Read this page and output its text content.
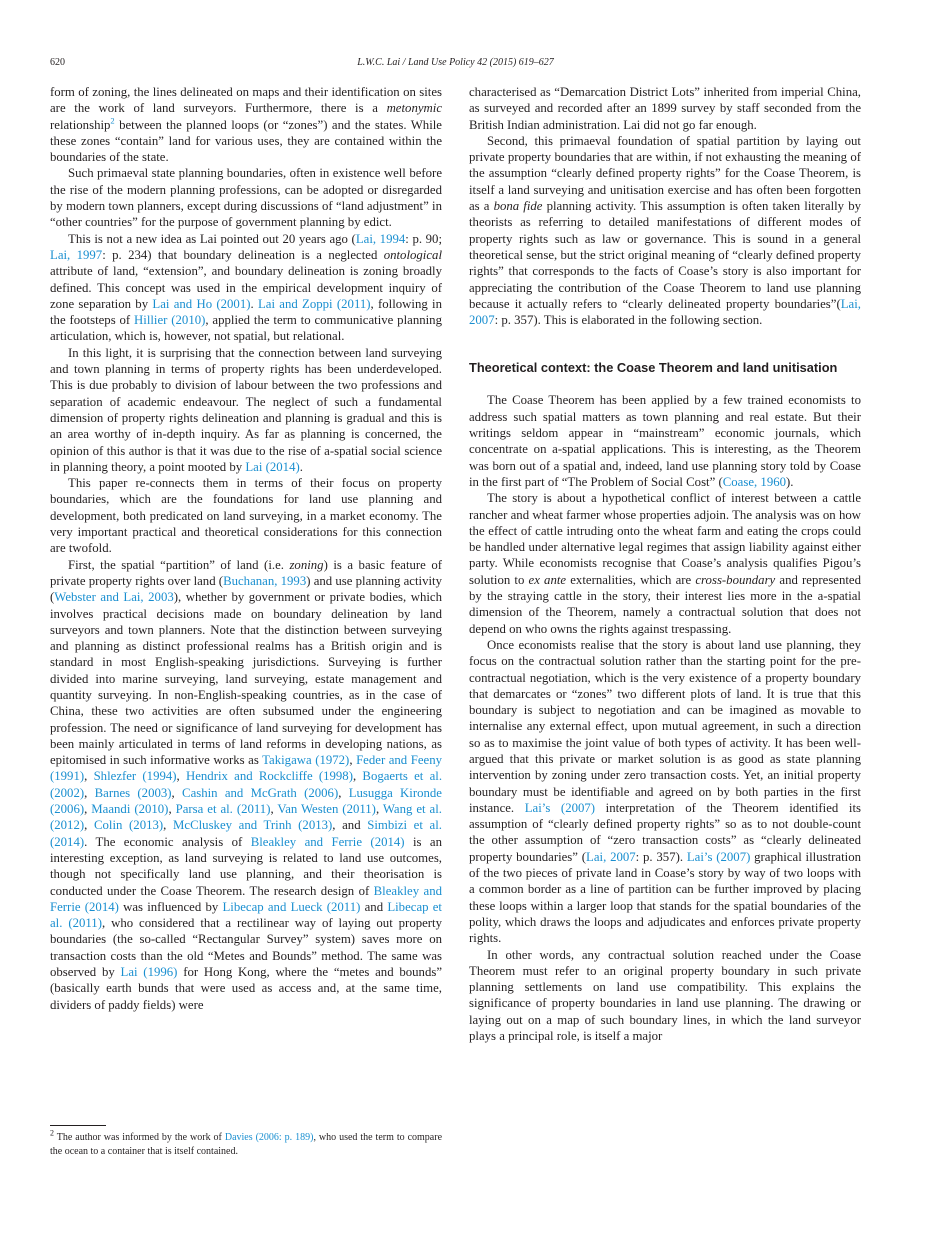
620	L.W.C. Lai / Land Use Policy 42 (2015) 619–627

form of zoning, the lines delineated on maps and their identification on sites are the work of land surveyors. Furthermore, there is a metonymic relationship$^2$ between the planned loops (or “zones”) and the states. While these zones “contain” land for various uses, they are contained within the boundaries of the state.

Such primaeval state planning boundaries, often in existence well before the rise of the modern planning professions, can be adopted or disregarded by modern town planners, except during discussions of “land adjustment” in “other countries” for the purpose of government planning by edict.

This is not a new idea as Lai pointed out 20 years ago (Lai, 1994: p. 90; Lai, 1997: p. 234) that boundary delineation is a neglected ontological attribute of land, “extension”, and boundary delineation is zoning broadly defined. This concept was used in the empirical development inquiry of zone separation by Lai and Ho (2001). Lai and Zoppi (2011), following in the footsteps of Hillier (2010), applied the term to communicative planning articulation, which is, however, not spatial, but relational.

In this light, it is surprising that the connection between land surveying and town planning in terms of property rights has been underdeveloped. This is due probably to division of labour between the two professions and separation of academic endeavour. The neglect of such a fundamental dimension of property rights delineation and planning is gradual and this is an area worthy of in-depth inquiry. As far as planning is concerned, the opinion of this author is that it was due to the rise of a-spatial social science in planning theory, a point mooted by Lai (2014).

This paper re-connects them in terms of their focus on property boundaries, which are the foundations for land use planning and development, both predicated on land surveying, in a market economy. The very important practical and theoretical considerations for this connection are twofold.

First, the spatial “partition” of land (i.e. zoning) is a basic feature of private property rights over land (Buchanan, 1993) and use planning activity (Webster and Lai, 2003), whether by government or private bodies, which involves practical decisions made on boundary delineation by land surveyors and town planners. Note that the distinction between surveying and planning as distinct professional realms has a British origin and is standard in most English-speaking jurisdictions. Surveying is further divided into marine surveying, land surveying, estate management and quantity surveying. In non-English-speaking countries, as in the case of China, these two activities are often subsumed under the engineering profession. The need or significance of land surveying for development has been mainly articulated in terms of land reforms in developing nations, as epitomised in such informative works as Takigawa (1972), Feder and Feeny (1991), Shlezfer (1994), Hendrix and Rockcliffe (1998), Bogaerts et al. (2002), Barnes (2003), Cashin and McGrath (2006), Lusugga Kironde (2006), Maandi (2010), Parsa et al. (2011), Van Westen (2011), Wang et al. (2012), Colin (2013), McCluskey and Trinh (2013), and Simbizi et al. (2014). The economic analysis of Bleakley and Ferrie (2014) is an interesting exception, as land surveying is related to land use outcomes, though not specifically land use planning, and their theorisation is conducted under the Coase Theorem. The research design of Bleakley and Ferrie (2014) was influenced by Libecap and Lueck (2011) and Libecap et al. (2011), who considered that a rectilinear way of laying out property boundaries (the so-called “Rectangular Survey” system) saves more on transaction costs than the old “Metes and Bounds” method. The same was observed by Lai (1996) for Hong Kong, where the “metes and bounds” (basically earth bunds that were used as access and, at the same time, dividers of paddy fields) were

$^2$ The author was informed by the work of Davies (2006: p. 189), who used the term to compare the ocean to a container that is itself contained.

characterised as “Demarcation District Lots” inherited from imperial China, as surveyed and recorded after an 1899 survey by staff seconded from the British Indian administration. Lai did not go far enough.

Second, this primaeval foundation of spatial partition by laying out private property boundaries that are within, if not exhausting the meaning of the assumption “clearly defined property rights” for the Coase Theorem, is itself a land surveying and unitisation exercise and has often been forgotten as a bona fide planning activity. This assumption is often taken literally by theorists as referring to detailed manifestations of different modes of property rights such as law or governance. This is sound in a general theoretical sense, but the strict original meaning of “clearly defined property rights” that corresponds to the facts of Coase’s story is also important for appreciating the contribution of the Coase Theorem to land use planning because it actually refers to “clearly delineated property boundaries”(Lai, 2007: p. 357). This is elaborated in the following section.

Theoretical context: the Coase Theorem and land unitisation

The Coase Theorem has been applied by a few trained economists to address such spatial matters as town planning and real estate. But their writings seldom appear in “mainstream” economic journals, which concentrate on a-spatial applications. This is interesting, as the Theorem was born out of a spatial and, indeed, land use planning story told by Coase in the first part of “The Problem of Social Cost” (Coase, 1960).

The story is about a hypothetical conflict of interest between a cattle rancher and wheat farmer whose properties adjoin. The analysis was on how the effect of cattle intruding onto the wheat farm and eating the crops could be handled under alternative legal regimes that assign liability against either party. While economists recognise that Coase’s analysis qualifies Pigou’s solution to ex ante externalities, which are cross-boundary and represented by the straying cattle in the story, their interest lies more in the a-spatial dimension of the Theorem, namely a contractual solution that does not depend on who owns the rights against trespassing.

Once economists realise that the story is about land use planning, they focus on the contractual solution rather than the starting point for the pre-contractual negotiation, which is the very existence of a property boundary that demarcates or “zones” two different plots of land. It is true that this boundary is subject to negotiation and can be imagined as movable to internalise any external effect, upon mutual agreement, in such a direction so as to maximise the joint value of both types of activity. It has been well-argued that this private or market solution is as good as state planning intervention by zoning under zero transaction costs. Yet, an initial property boundary must be identifiable and agreed on by both parties in the first instance. Lai’s (2007) interpretation of the Theorem identified its assumption of “clearly defined property rights” so as to not double-count the other assumption of “zero transaction costs” as “clearly delineated property boundaries” (Lai, 2007: p. 357). Lai’s (2007) graphical illustration of the two pieces of private land in Coase’s story by way of two loops with a common border as a line of partition can be further improved by placing these loops within a larger loop that stands for the spatial boundaries of the polity, which draws the loops and adjudicates and enforces private property rights.

In other words, any contractual solution reached under the Coase Theorem must refer to an original property boundary in such private planning settlements on land use compatibility. This explains the significance of property boundaries in land use planning. The drawing or laying out on a map of such boundary lines, in which the land surveyor plays a principal role, is itself a major
